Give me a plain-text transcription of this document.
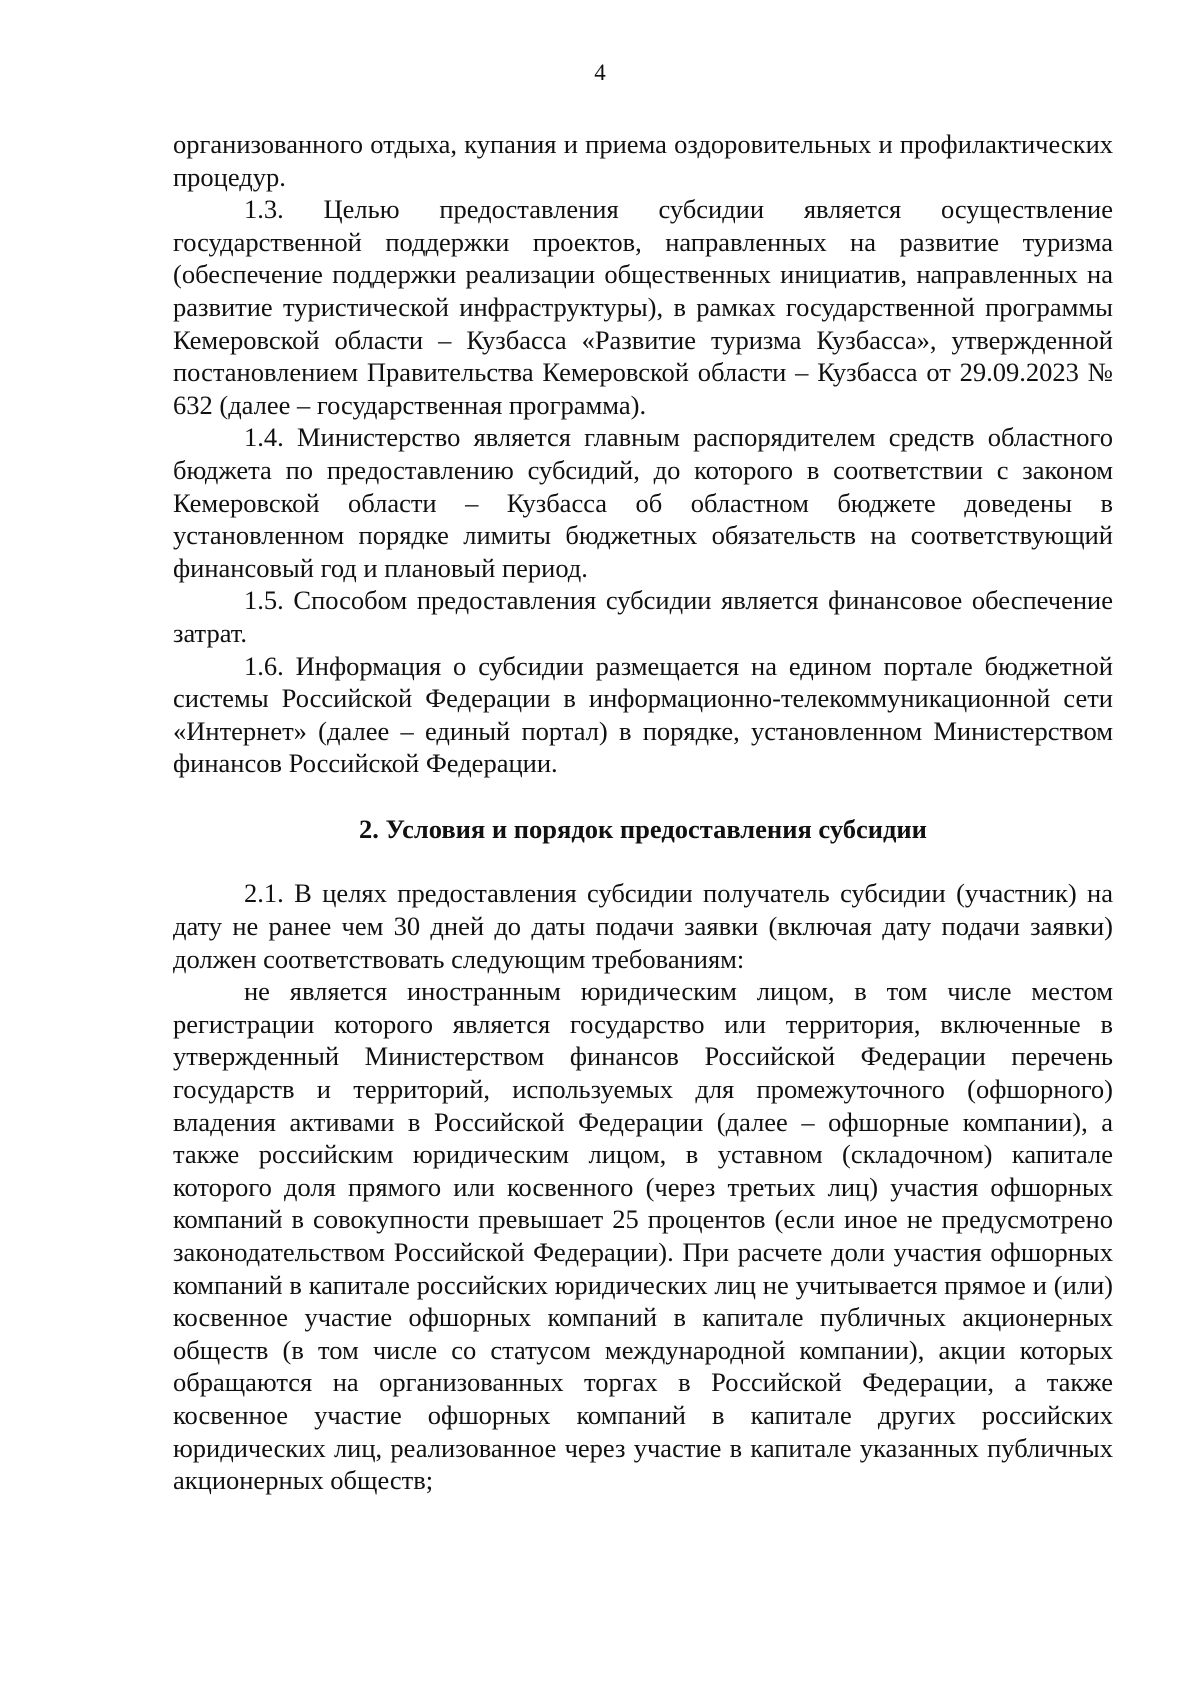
4

организованного отдыха, купания и приема оздоровительных и профилактических процедур.

1.3. Целью предоставления субсидии является осуществление государственной поддержки проектов, направленных на развитие туризма (обеспечение поддержки реализации общественных инициатив, направленных на развитие туристической инфраструктуры), в рамках государственной программы Кемеровской области – Кузбасса «Развитие туризма Кузбасса», утвержденной постановлением Правительства Кемеровской области – Кузбасса от 29.09.2023 № 632 (далее – государственная программа).

1.4. Министерство является главным распорядителем средств областного бюджета по предоставлению субсидий, до которого в соответствии с законом Кемеровской области – Кузбасса об областном бюджете доведены в установленном порядке лимиты бюджетных обязательств на соответствующий финансовый год и плановый период.

1.5. Способом предоставления субсидии является финансовое обеспечение затрат.

1.6. Информация о субсидии размещается на едином портале бюджетной системы Российской Федерации в информационно-телекоммуникационной сети «Интернет» (далее – единый портал) в порядке, установленном Министерством финансов Российской Федерации.

2. Условия и порядок предоставления субсидии

2.1. В целях предоставления субсидии получатель субсидии (участник) на дату не ранее чем 30 дней до даты подачи заявки (включая дату подачи заявки) должен соответствовать следующим требованиям:

не является иностранным юридическим лицом, в том числе местом регистрации которого является государство или территория, включенные в утвержденный Министерством финансов Российской Федерации перечень государств и территорий, используемых для промежуточного (офшорного) владения активами в Российской Федерации (далее – офшорные компании), а также российским юридическим лицом, в уставном (складочном) капитале которого доля прямого или косвенного (через третьих лиц) участия офшорных компаний в совокупности превышает 25 процентов (если иное не предусмотрено законодательством Российской Федерации). При расчете доли участия офшорных компаний в капитале российских юридических лиц не учитывается прямое и (или) косвенное участие офшорных компаний в капитале публичных акционерных обществ (в том числе со статусом международной компании), акции которых обращаются на организованных торгах в Российской Федерации, а также косвенное участие офшорных компаний в капитале других российских юридических лиц, реализованное через участие в капитале указанных публичных акционерных обществ;
